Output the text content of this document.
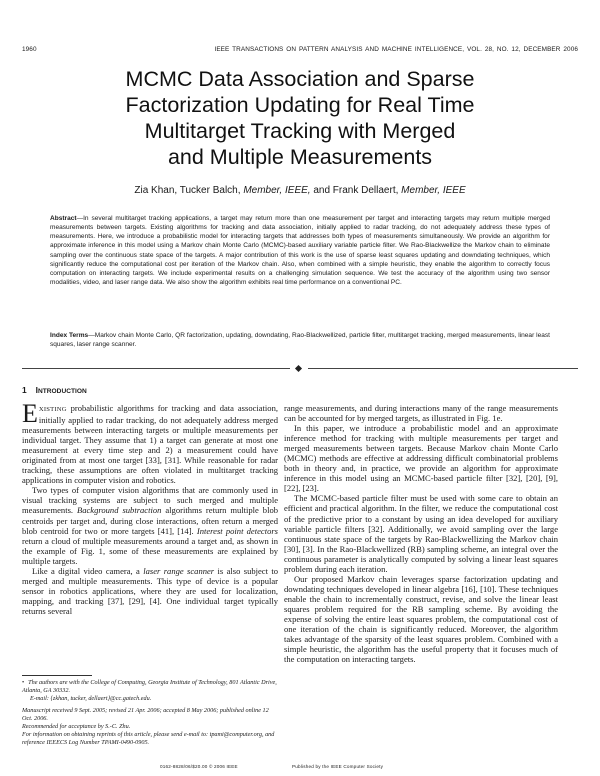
1960	IEEE TRANSACTIONS ON PATTERN ANALYSIS AND MACHINE INTELLIGENCE, VOL. 28, NO. 12, DECEMBER 2006
MCMC Data Association and Sparse
Factorization Updating for Real Time
Multitarget Tracking with Merged
and Multiple Measurements
Zia Khan, Tucker Balch, Member, IEEE, and Frank Dellaert, Member, IEEE
Abstract—In several multitarget tracking applications, a target may return more than one measurement per target and interacting targets may return multiple merged measurements between targets. Existing algorithms for tracking and data association, initially applied to radar tracking, do not adequately address these types of measurements. Here, we introduce a probabilistic model for interacting targets that addresses both types of measurements simultaneously. We provide an algorithm for approximate inference in this model using a Markov chain Monte Carlo (MCMC)-based auxiliary variable particle filter. We Rao-Blackwellize the Markov chain to eliminate sampling over the continuous state space of the targets. A major contribution of this work is the use of sparse least squares updating and downdating techniques, which significantly reduce the computational cost per iteration of the Markov chain. Also, when combined with a simple heuristic, they enable the algorithm to correctly focus computation on interacting targets. We include experimental results on a challenging simulation sequence. We test the accuracy of the algorithm using two sensor modalities, video, and laser range data. We also show the algorithm exhibits real time performance on a conventional PC.
Index Terms—Markov chain Monte Carlo, QR factorization, updating, downdating, Rao-Blackwellized, particle filter, multitarget tracking, merged measurements, linear least squares, laser range scanner.
1 INTRODUCTION

EXISTING probabilistic algorithms for tracking and data association, initially applied to radar tracking, do not adequately address merged measurements between interacting targets or multiple measurements per individual target. They assume that 1) a target can generate at most one measurement at every time step and 2) a measurement could have originated from at most one target [33], [31]. While reasonable for radar tracking, these assumptions are often violated in multitarget tracking applications in computer vision and robotics.

Two types of computer vision algorithms that are commonly used in visual tracking systems are subject to such merged and multiple measurements. Background subtraction algorithms return multiple blob centroids per target and, during close interactions, often return a merged blob centroid for two or more targets [41], [14]. Interest point detectors return a cloud of multiple measurements around a target and, as shown in the example of Fig. 1, some of these measurements are explained by multiple targets.

Like a digital video camera, a laser range scanner is also subject to merged and multiple measurements. This type of device is a popular sensor in robotics applications, where they are used for localization, mapping, and tracking [37], [29], [4]. One individual target typically returns several

• The authors are with the College of Computing, Georgia Institute of Technology, 801 Atlantic Drive, Atlanta, GA 30332.

E-mail: {zkhan, tucker, dellaert}@cc.gatech.edu.

Manuscript received 9 Sept. 2005; revised 21 Apr. 2006; accepted 8 May 2006; published online 12 Oct. 2006.

Recommended for acceptance by S.-C. Zhu.

For information on obtaining reprints of this article, please send e-mail to: tpami@computer.org, and reference IEEECS Log Number TPAMI-0490-0905.

range measurements, and during interactions many of the range measurements can be accounted for by merged targets, as illustrated in Fig. 1e.

In this paper, we introduce a probabilistic model and an approximate inference method for tracking with multiple measurements per target and merged measurements between targets. Because Markov chain Monte Carlo (MCMC) methods are effective at addressing difficult combinatorial problems both in theory and, in practice, we provide an algorithm for approximate inference in this model using an MCMC-based particle filter [32], [20], [9], [22], [23].

The MCMC-based particle filter must be used with some care to obtain an efficient and practical algorithm. In the filter, we reduce the computational cost of the predictive prior to a constant by using an idea developed for auxiliary variable particle filters [32]. Additionally, we avoid sampling over the large continuous state space of the targets by Rao-Blackwellizing the Markov chain [30], [3]. In the Rao-Blackwellized (RB) sampling scheme, an integral over the continuous parameter is analytically computed by solving a linear least squares problem during each iteration.

Our proposed Markov chain leverages sparse factorization updating and downdating techniques developed in linear algebra [16], [10]. These techniques enable the chain to incrementally construct, revise, and solve the linear least squares problem required for the RB sampling scheme. By avoiding the expense of solving the entire least squares problem, the computational cost of one iteration of the chain is significantly reduced. Moreover, the algorithm takes advantage of the sparsity of the least squares problem. Combined with a simple heuristic, the algorithm has the useful property that it focuses much of the computation on interacting targets.

0162-8828/06/$20.00 © 2006 IEEE	Published by the IEEE Computer Society
